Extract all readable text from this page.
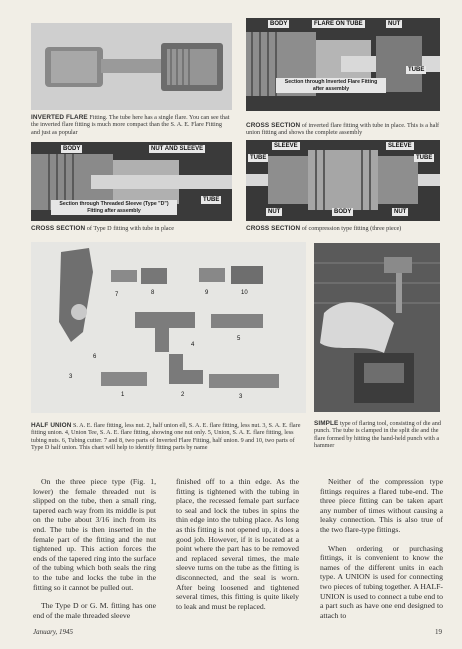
INVERTED FLARE Fitting. The tube here has a single flare. You can see that the inverted flare fitting is much more compact than the S. A. E. Flare Fitting and just as popular

BODY	FLARE ON TUBE	NUT
TUBE
Section through Inverted Flare Fitting
after assembly

CROSS SECTION of inverted flare fitting with tube in place. This is a half union fitting and shows the complete assembly

BODY	NUT AND SLEEVE
TUBE
Section through Threaded Sleeve (Type "D")
Fitting after assembly

CROSS SECTION of Type D fitting with tube in place

TUBE
SLEEVE	SLEEVE
TUBE
NUT	BODY	NUT

CROSS SECTION of compression type fitting (three piece)

7	8	9	10
4
5
6
3
1	2	3

HALF UNION S. A. E. flare fitting, less nut. 2, half union ell, S. A. E. flare fitting, less nut. 3, S. A. E. flare fitting union. 4, Union Tee, S. A. E. flare fitting, showing one nut only. 5, Union, S. A. E. flare fitting, less tubing nuts. 6, Tubing cutter. 7 and 8, two parts of Inverted Flare Fitting, half union. 9 and 10, two parts of Type D half union. This chart will help to identify fitting parts by name

SIMPLE type of flaring tool, consisting of die and punch. The tube is clamped in the split die and the flare formed by hitting the hand-held punch with a hammer

On the three piece type (Fig. 1, lower) the female threaded nut is slipped on the tube, then a small ring, tapered each way from its middle is put on the tube about 3/16 inch from its end. The tube is then inserted in the female part of the fitting and the nut tightened up. This action forces the ends of the tapered ring into the surface of the tubing which both seals the ring to the tube and locks the tube in the fitting so it cannot be pulled out.

The Type D or G. M. fitting has one end of the male threaded sleeve

finished off to a thin edge. As the fitting is tightened with the tubing in place, the recessed female part surface to seal and lock the tubes in spins the thin edge into the tubing place. As long as this fitting is not opened up, it does a good job. However, if it is located at a point where the part has to be removed and replaced several times, the male sleeve turns on the tube as the fitting is disconnected, and the seal is worn. After being loosened and tightened several times, this fitting is quite likely to leak and must be replaced.

Neither of the compression type fittings requires a flared tube-end. The three piece fitting can be taken apart any number of times without causing a leaky connection. This is also true of the two flare-type fittings.

When ordering or purchasing fittings, it is convenient to know the names of the different units in each type. A UNION is used for connecting two pieces of tubing together. A HALF-UNION is used to connect a tube end to a part such as have one end designed to attach to

January, 1945	19
